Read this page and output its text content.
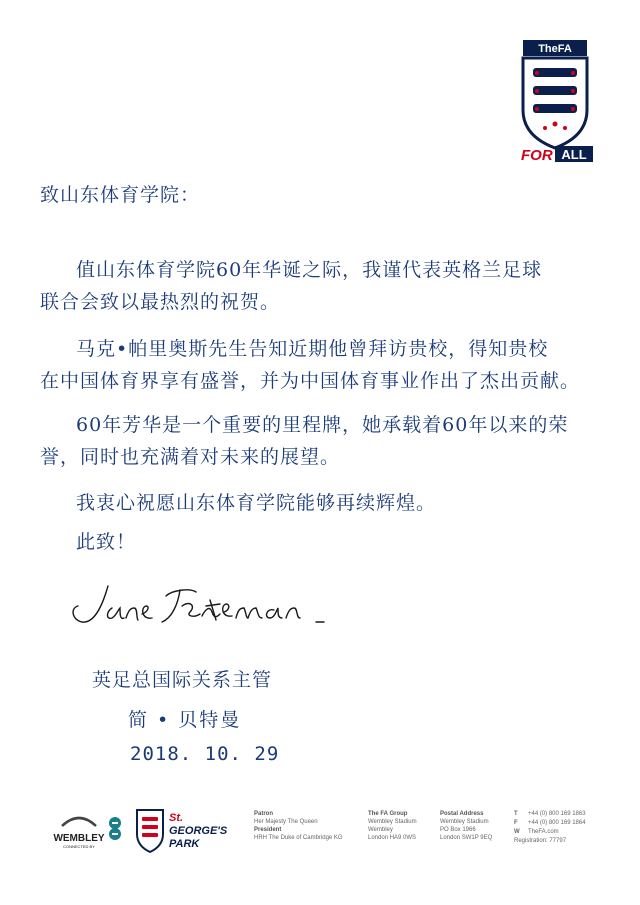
TheFA
FOR ALL
致山东体育学院：
值山东体育学院60年华诞之际，我谨代表英格兰足球
联合会致以最热烈的祝贺。
马克•帕里奥斯先生告知近期他曾拜访贵校，得知贵校
在中国体育界享有盛誉，并为中国体育事业作出了杰出贡献。
60年芳华是一个重要的里程牌，她承载着60年以来的荣
誉，同时也充满着对未来的展望。
我衷心祝愿山东体育学院能够再续辉煌。
此致！
英足总国际关系主管
简 • 贝特曼
2018. 10. 29
WEMBLEY
CONNECTED BY
St.
GEORGE'S
PARK
Patron
Her Majesty The Queen
President
HRH The Duke of Cambridge KG
The FA Group
Wembley Stadium
Wembley
London HA9 0WS
Postal Address
Wembley Stadium
PO Box 1966
London SW1P 9EQ
T +44 (0) 800 169 1863
F +44 (0) 800 169 1864
W TheFA.com
Registration: 77797
